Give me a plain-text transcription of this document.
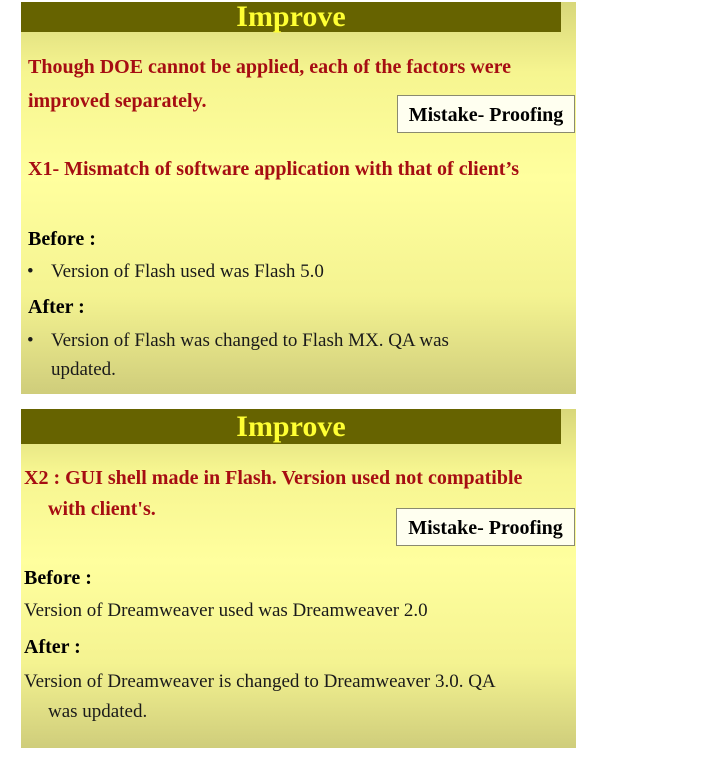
Improve
Though DOE cannot be applied, each of the factors were
improved separately.
Mistake- Proofing
X1- Mismatch of software application with that of client’s
Before :
• Version of Flash used was Flash 5.0
After :
• Version of Flash was changed to Flash MX. QA was
updated.
Improve
X2 : GUI shell made in Flash. Version used not compatible
with client's.
Mistake- Proofing
Before :
Version of Dreamweaver used was Dreamweaver 2.0
After :
Version of Dreamweaver is changed to Dreamweaver 3.0. QA
was updated.
